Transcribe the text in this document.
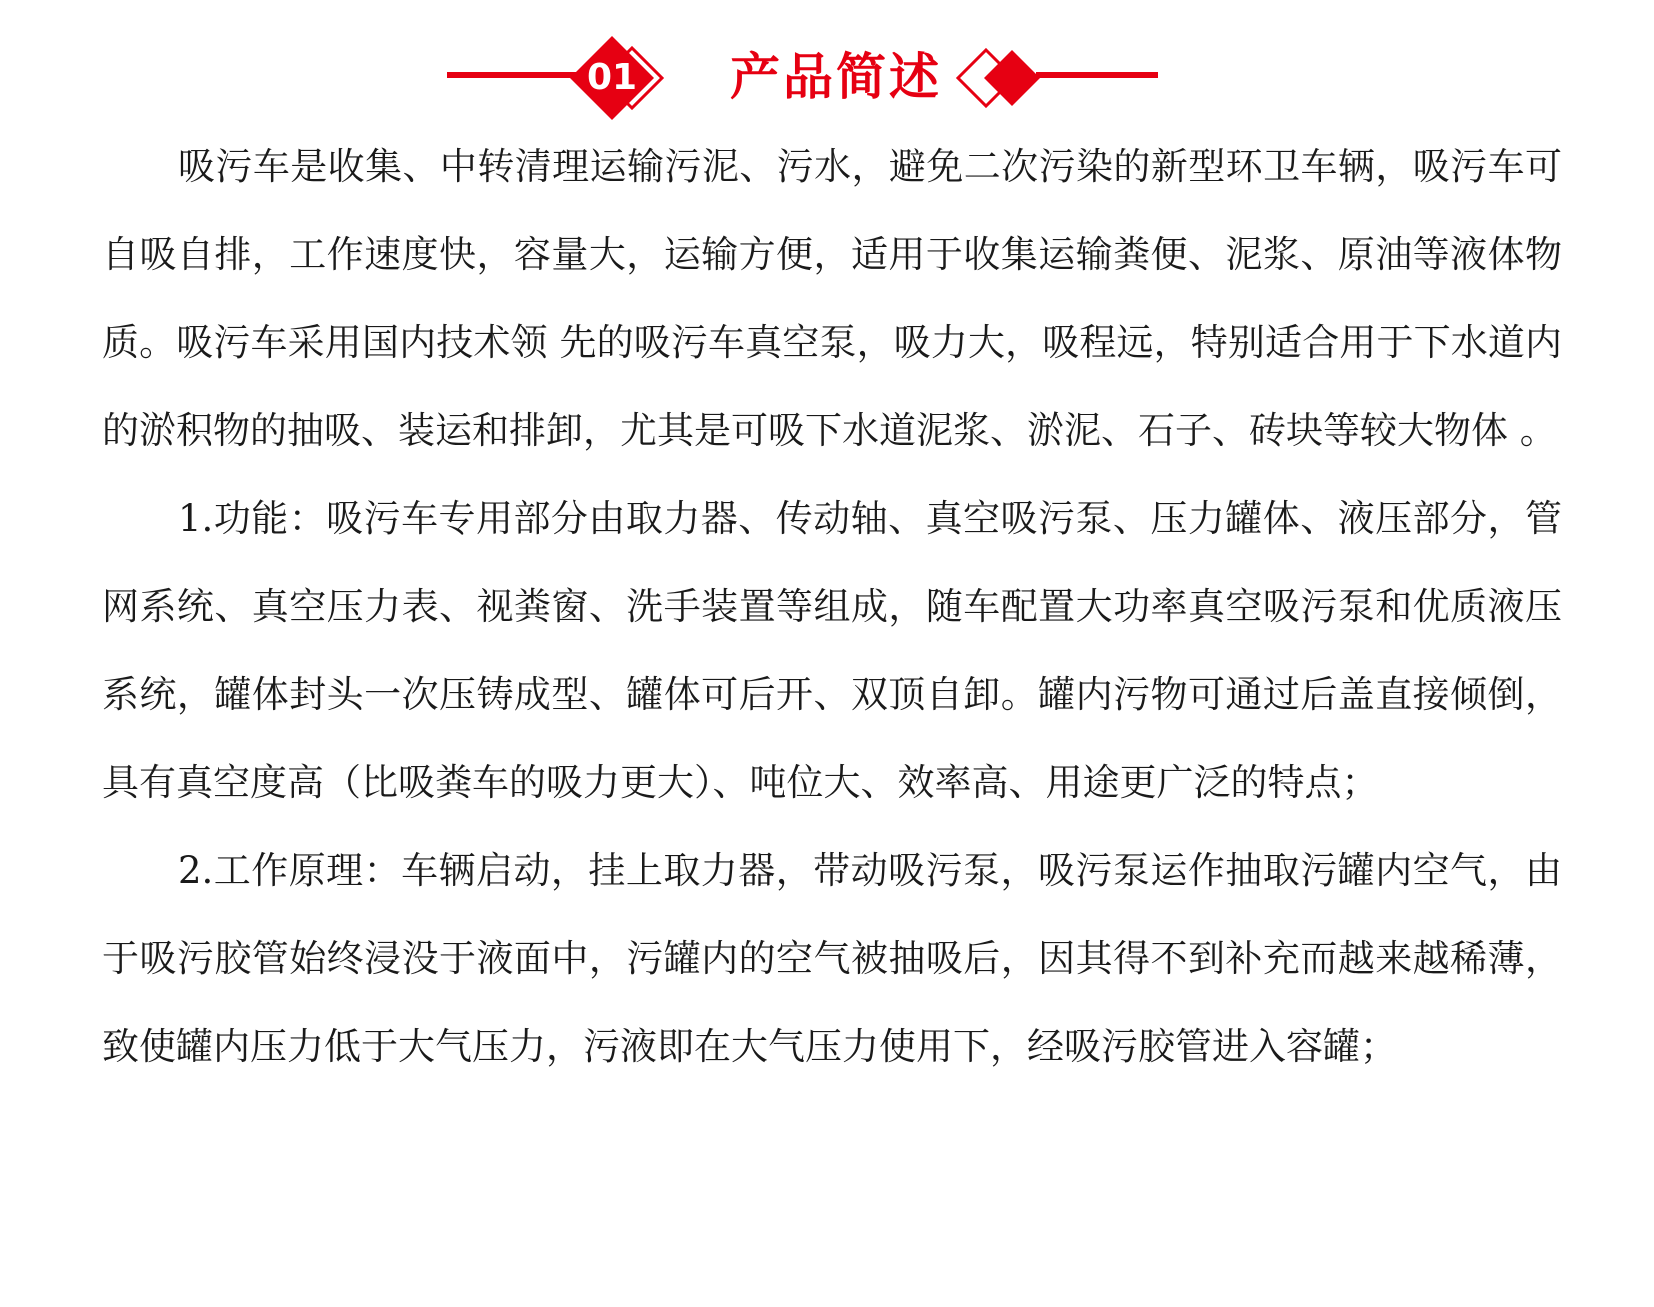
01 产品简述

吸污车是收集、中转清理运输污泥、污水，避免二次污染的新型环卫车辆，吸污车可自吸自排，工作速度快，容量大，运输方便，适用于收集运输粪便、泥浆、原油等液体物质。吸污车采用国内技术领 先的吸污车真空泵，吸力大，吸程远，特别适合用于下水道内的淤积物的抽吸、装运和排卸，尤其是可吸下水道泥浆、淤泥、石子、砖块等较大物体 。

1.功能：吸污车专用部分由取力器、传动轴、真空吸污泵、压力罐体、液压部分，管网系统、真空压力表、视粪窗、洗手装置等组成，随车配置大功率真空吸污泵和优质液压系统，罐体封头一次压铸成型、罐体可后开、双顶自卸。罐内污物可通过后盖直接倾倒，具有真空度高（比吸粪车的吸力更大）、吨位大、效率高、用途更广泛的特点；

2.工作原理：车辆启动，挂上取力器，带动吸污泵，吸污泵运作抽取污罐内空气，由于吸污胶管始终浸没于液面中，污罐内的空气被抽吸后，因其得不到补充而越来越稀薄，致使罐内压力低于大气压力，污液即在大气压力使用下，经吸污胶管进入容罐；
